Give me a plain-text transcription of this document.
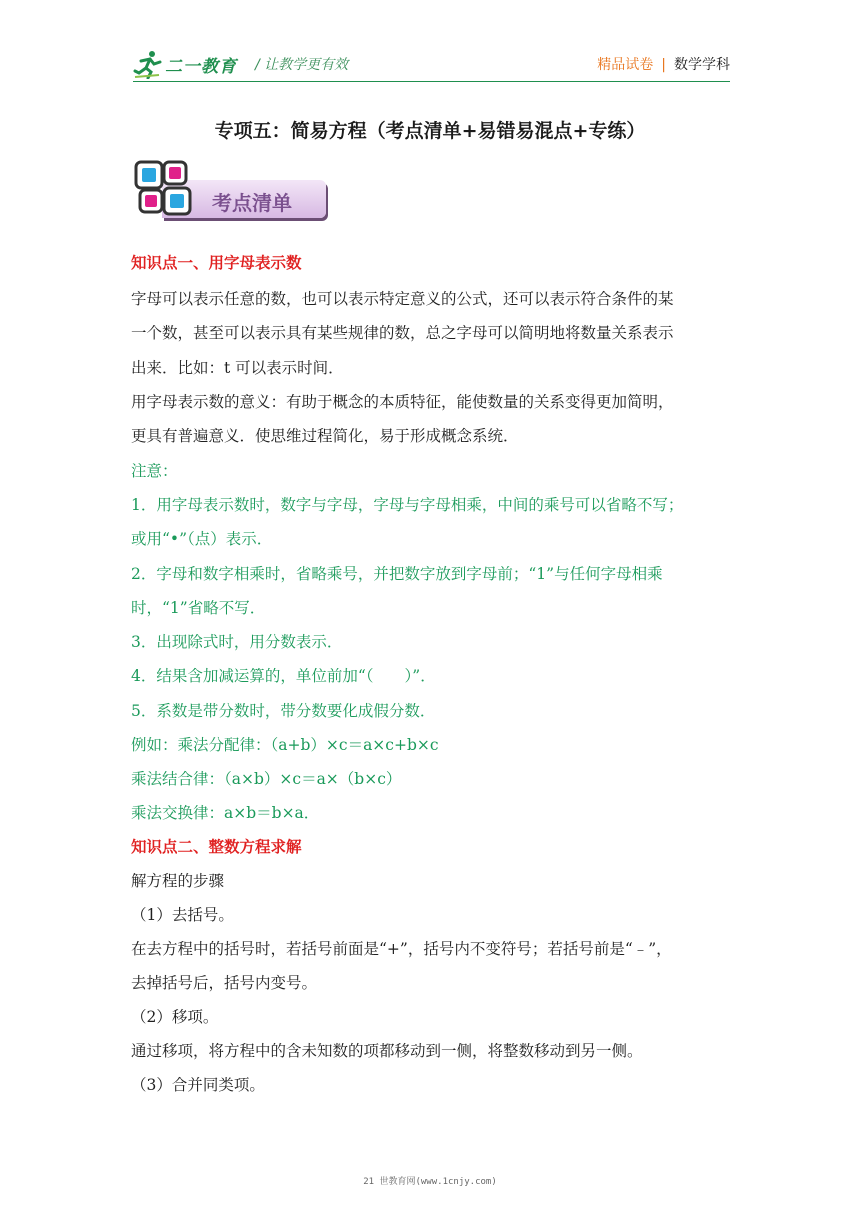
二一教育 / 让教学更有效	精品试卷 | 数学学科
专项五：简易方程（考点清单+易错易混点+专练）
考点清单
知识点一、用字母表示数
字母可以表示任意的数，也可以表示特定意义的公式，还可以表示符合条件的某
一个数，甚至可以表示具有某些规律的数，总之字母可以简明地将数量关系表示
出来．比如：t 可以表示时间．
用字母表示数的意义：有助于概念的本质特征，能使数量的关系变得更加简明，
更具有普遍意义．使思维过程简化，易于形成概念系统．
注意：
1．用字母表示数时，数字与字母，字母与字母相乘，中间的乘号可以省略不写；
或用“•”（点）表示．
2．字母和数字相乘时，省略乘号，并把数字放到字母前；“1”与任何字母相乘
时，“1”省略不写．
3．出现除式时，用分数表示．
4．结果含加减运算的，单位前加“（　　）”．
5．系数是带分数时，带分数要化成假分数．
例如：乘法分配律：（a+b）×c＝a×c+b×c
乘法结合律：（a×b）×c＝a×（b×c）
乘法交换律：a×b＝b×a．
知识点二、整数方程求解
解方程的步骤
（1）去括号。
在去方程中的括号时，若括号前面是“+”，括号内不变符号；若括号前是“﹣”，
去掉括号后，括号内变号。
（2）移项。
通过移项，将方程中的含未知数的项都移动到一侧，将整数移动到另一侧。
（3）合并同类项。
21 世教育网(www.1cnjy.com)
